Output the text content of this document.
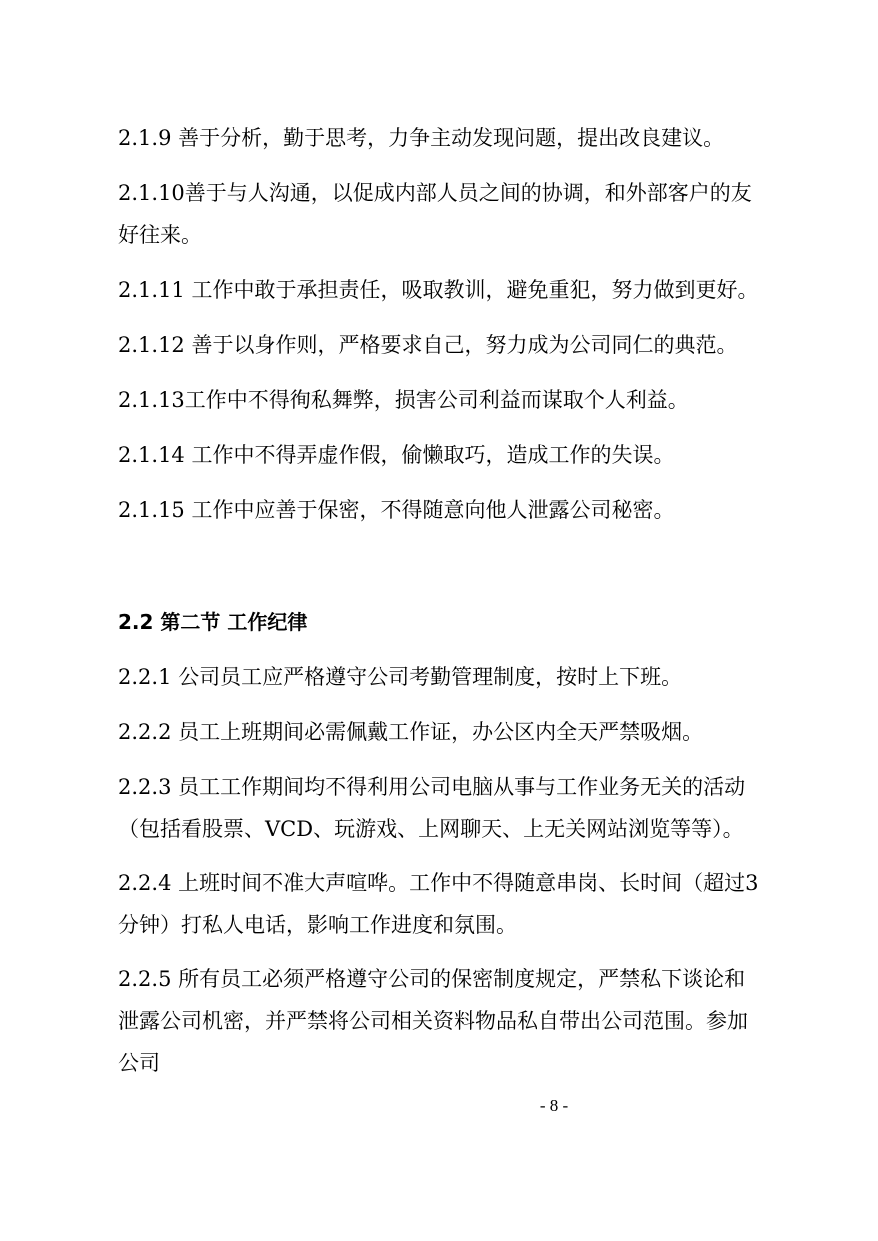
2.1.9 善于分析，勤于思考，力争主动发现问题，提出改良建议。

2.1.10善于与人沟通，以促成内部人员之间的协调，和外部客户的友好往来。

2.1.11 工作中敢于承担责任，吸取教训，避免重犯，努力做到更好。

2.1.12 善于以身作则，严格要求自己，努力成为公司同仁的典范。

2.1.13工作中不得徇私舞弊，损害公司利益而谋取个人利益。

2.1.14 工作中不得弄虚作假，偷懒取巧，造成工作的失误。

2.1.15 工作中应善于保密，不得随意向他人泄露公司秘密。

2.2 第二节 工作纪律

2.2.1 公司员工应严格遵守公司考勤管理制度，按时上下班。

2.2.2 员工上班期间必需佩戴工作证，办公区内全天严禁吸烟。

2.2.3 员工工作期间均不得利用公司电脑从事与工作业务无关的活动（包括看股票、VCD、玩游戏、上网聊天、上无关网站浏览等等）。

2.2.4 上班时间不准大声喧哗。工作中不得随意串岗、长时间（超过3分钟）打私人电话，影响工作进度和氛围。

2.2.5 所有员工必须严格遵守公司的保密制度规定，严禁私下谈论和泄露公司机密，并严禁将公司相关资料物品私自带出公司范围。参加公司

- 8 -
